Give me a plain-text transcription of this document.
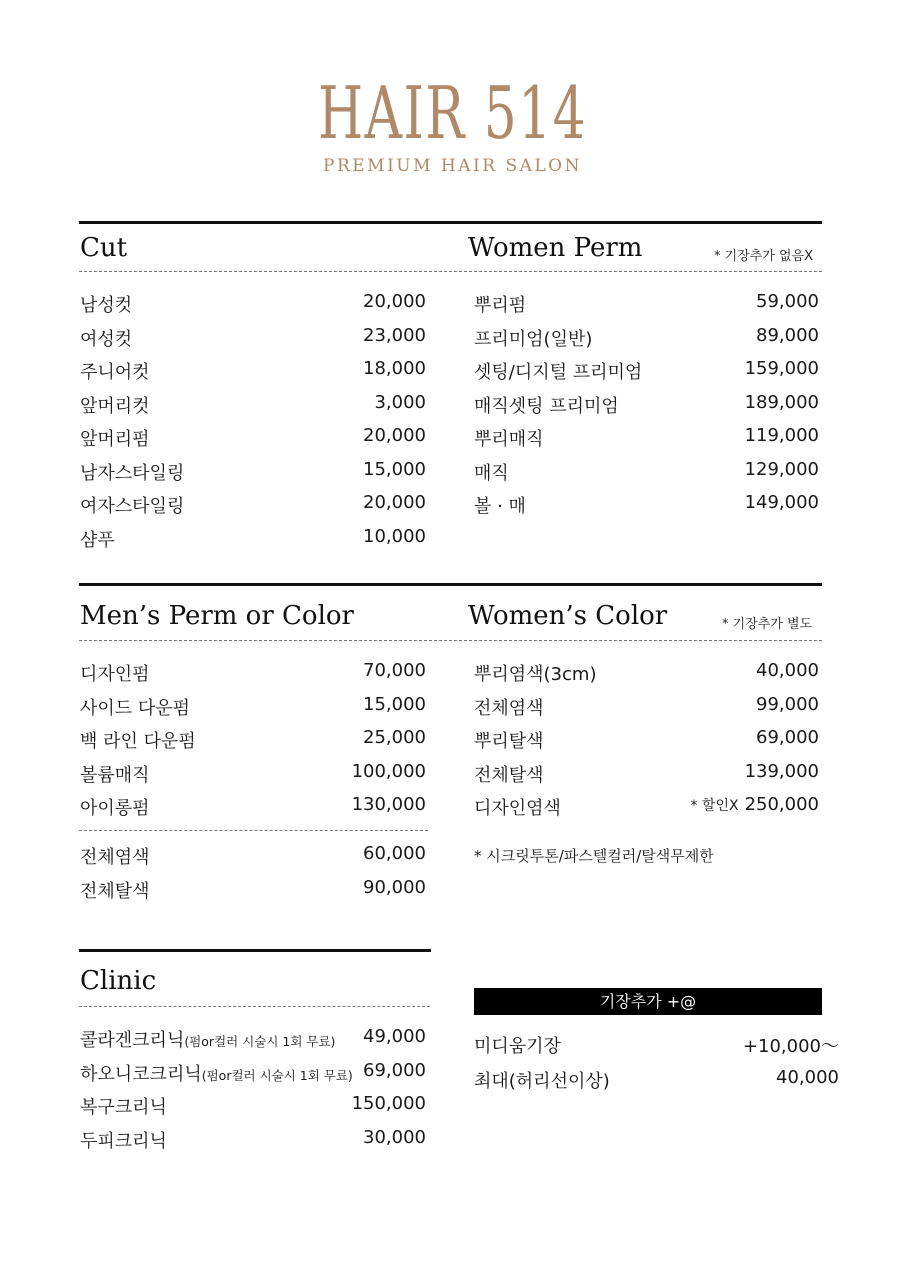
HAIR 514
PREMIUM HAIR SALON
Cut	Women Perm	* 기장추가 없음X
남성컷	20,000
여성컷	23,000
주니어컷	18,000
앞머리컷	3,000
앞머리펌	20,000
남자스타일링	15,000
여자스타일링	20,000
샴푸	10,000
뿌리펌	59,000
프리미엄(일반)	89,000
셋팅/디지털 프리미엄	159,000
매직셋팅 프리미엄	189,000
뿌리매직	119,000
매직	129,000
볼 · 매	149,000
Men’s Perm or Color	Women’s Color	* 기장추가 별도
디자인펌	70,000
사이드 다운펌	15,000
백 라인 다운펌	25,000
볼륨매직	100,000
아이롱펌	130,000
전체염색	60,000
전체탈색	90,000
뿌리염색(3cm)	40,000
전체염색	99,000
뿌리탈색	69,000
전체탈색	139,000
디자인염색	* 할인X 250,000
* 시크릿투톤/파스텔컬러/탈색무제한
Clinic
콜라겐크리닉(펌or컬러 시술시 1회 무료) 49,000
하오니코크리닉(펌or컬러 시술시 1회 무료) 69,000
복구크리닉	150,000
두피크리닉	30,000
기장추가 +@
미디움기장	+10,000～
최대(허리선이상)	40,000
